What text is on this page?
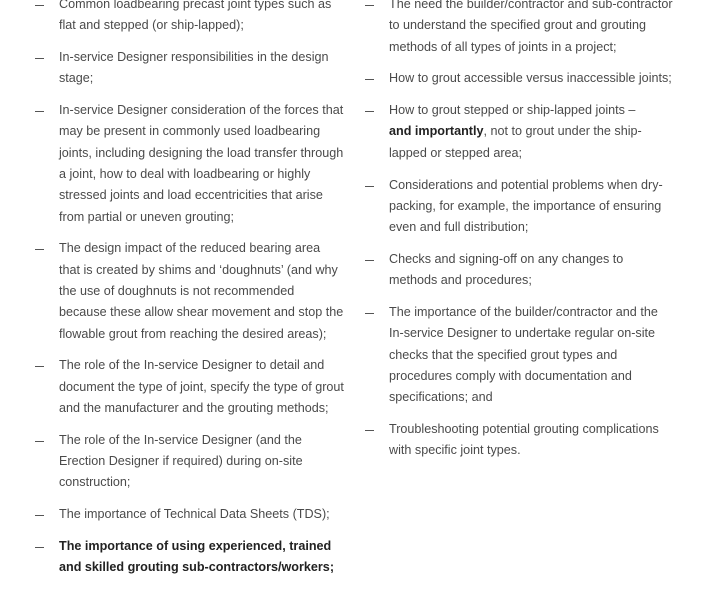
Common loadbearing precast joint types such as flat and stepped (or ship-lapped);
In-service Designer responsibilities in the design stage;
In-service Designer consideration of the forces that may be present in commonly used loadbearing joints, including designing the load transfer through a joint, how to deal with loadbearing or highly stressed joints and load eccentricities that arise from partial or uneven grouting;
The design impact of the reduced bearing area that is created by shims and ‘doughnuts’ (and why the use of doughnuts is not recommended because these allow shear movement and stop the flowable grout from reaching the desired areas);
The role of the In-service Designer to detail and document the type of joint, specify the type of grout and the manufacturer and the grouting methods;
The role of the In-service Designer (and the Erection Designer if required) during on-site construction;
The importance of Technical Data Sheets (TDS);
The importance of using experienced, trained and skilled grouting sub-contractors/workers;
The need the builder/contractor and sub-contractor to understand the specified grout and grouting methods of all types of joints in a project;
How to grout accessible versus inaccessible joints;
How to grout stepped or ship-lapped joints –
and importantly, not to grout under the ship-lapped or stepped area;
Considerations and potential problems when dry-packing, for example, the importance of ensuring even and full distribution;
Checks and signing-off on any changes to methods and procedures;
The importance of the builder/contractor and the In-service Designer to undertake regular on-site checks that the specified grout types and procedures comply with documentation and specifications; and
Troubleshooting potential grouting complications with specific joint types.
